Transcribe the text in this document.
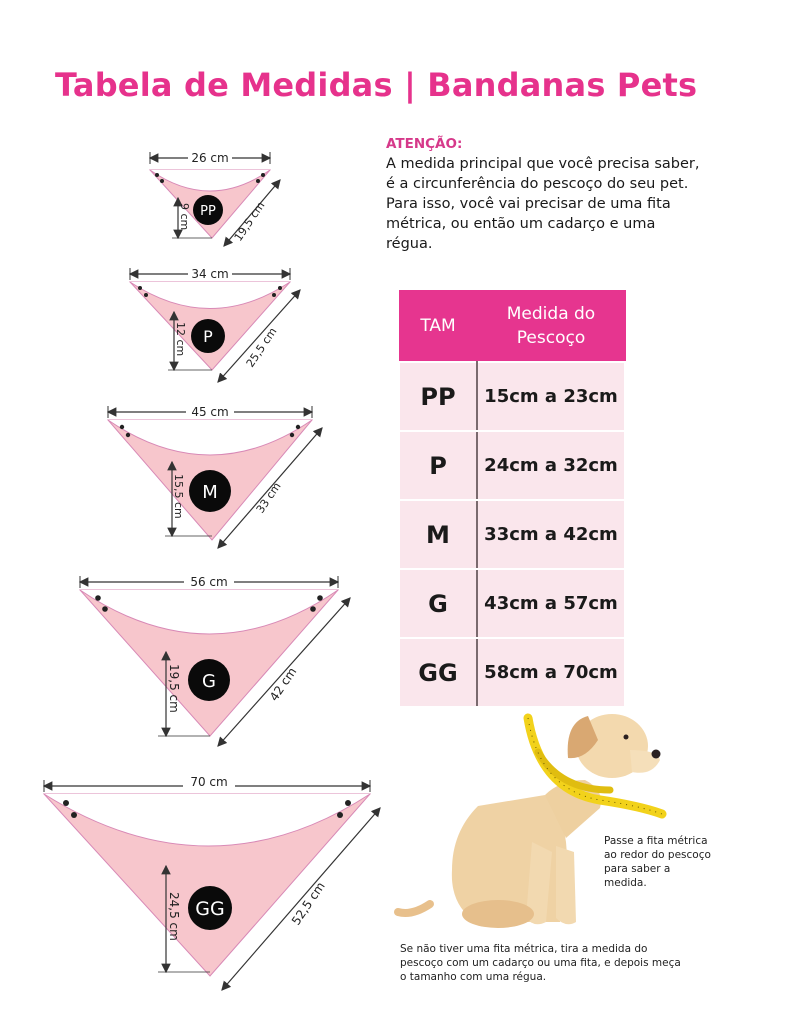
Tabela de Medidas | Bandanas Pets
ATENÇÃO:

A medida principal que você precisa saber, é a circunferência do pescoço do seu pet.

Para isso, você vai precisar de uma fita métrica, ou então um cadarço e uma régua.

TAM	Medida do Pescoço
PP	15cm a 23cm
P	24cm a 32cm
M	33cm a 42cm
G	43cm a 57cm
GG	58cm a 70cm
26 cm
9 cm	19,5 cm
PP
34 cm
12 cm	25,5 cm
P
45 cm
15,5 cm	33 cm
M
56 cm
19,5 cm	42 cm
G
70 cm
24,5 cm	52,5 cm
GG
Passe a fita métrica ao redor do pescoço para saber a medida.
Se não tiver uma fita métrica, tira a medida do pescoço com um cadarço ou uma fita, e depois meça o tamanho com uma régua.
